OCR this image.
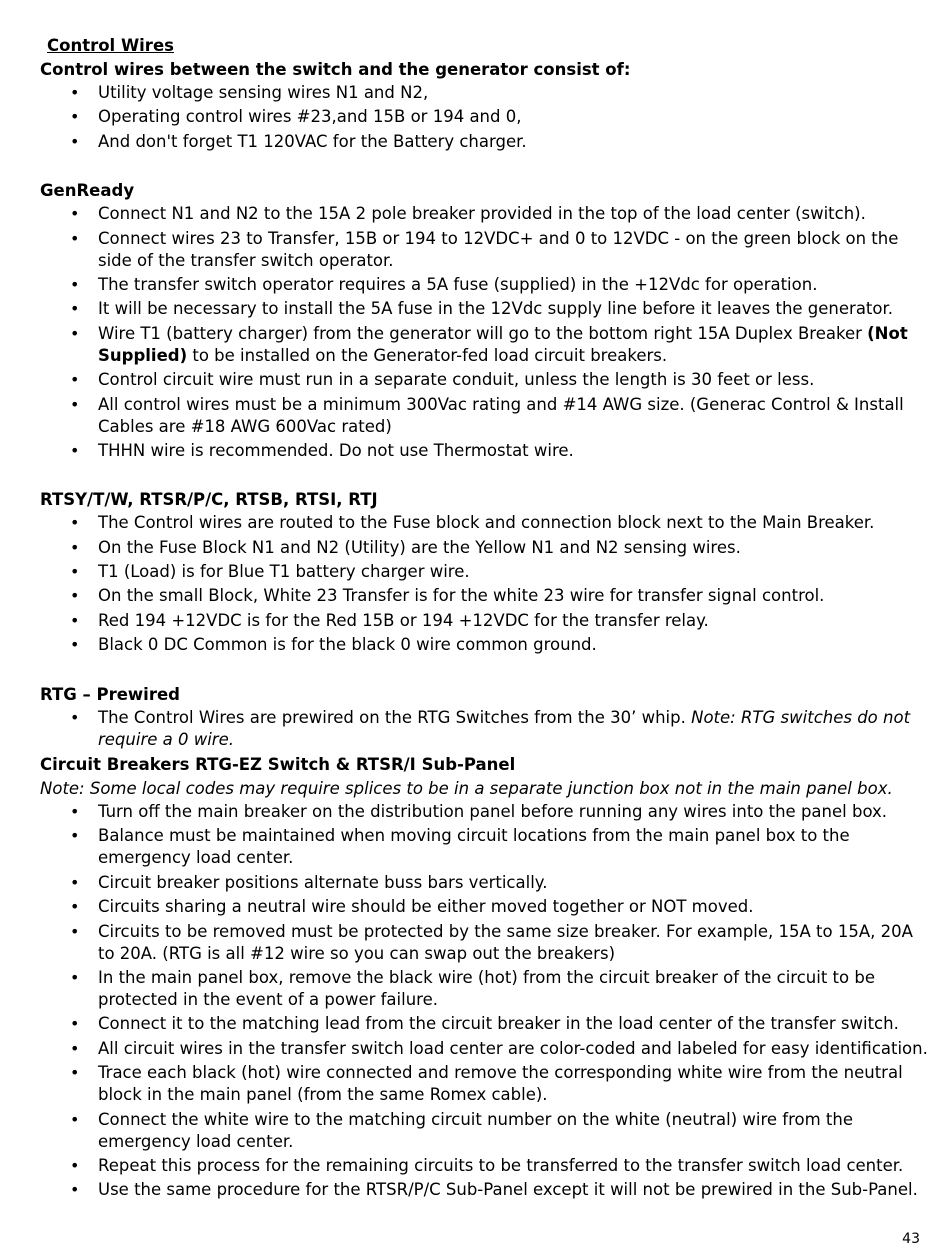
Control Wires
Control wires between the switch and the generator consist of:
• Utility voltage sensing wires N1 and N2,
• Operating control wires #23,and 15B or 194 and 0,
• And don't forget T1 120VAC for the Battery charger.
GenReady
• Connect N1 and N2 to the 15A 2 pole breaker provided in the top of the load center (switch).
• Connect wires 23 to Transfer, 15B or 194 to 12VDC+ and 0 to 12VDC - on the green block on the side of the transfer switch operator.
• The transfer switch operator requires a 5A fuse (supplied) in the +12Vdc for operation.
• It will be necessary to install the 5A fuse in the 12Vdc supply line before it leaves the generator.
• Wire T1 (battery charger) from the generator will go to the bottom right 15A Duplex Breaker (Not Supplied) to be installed on the Generator-fed load circuit breakers.
• Control circuit wire must run in a separate conduit, unless the length is 30 feet or less.
• All control wires must be a minimum 300Vac rating and #14 AWG size. (Generac Control & Install Cables are #18 AWG 600Vac rated)
• THHN wire is recommended. Do not use Thermostat wire.
RTSY/T/W, RTSR/P/C, RTSB, RTSI, RTJ
• The Control wires are routed to the Fuse block and connection block next to the Main Breaker.
• On the Fuse Block N1 and N2 (Utility) are the Yellow N1 and N2 sensing wires.
• T1 (Load) is for Blue T1 battery charger wire.
• On the small Block, White 23 Transfer is for the white 23 wire for transfer signal control.
• Red 194 +12VDC is for the Red 15B or 194 +12VDC for the transfer relay.
• Black 0 DC Common is for the black 0 wire common ground.
RTG – Prewired
• The Control Wires are prewired on the RTG Switches from the 30’ whip. Note: RTG switches do not require a 0 wire.
Circuit Breakers RTG-EZ Switch & RTSR/I Sub-Panel
Note: Some local codes may require splices to be in a separate junction box not in the main panel box.
• Turn off the main breaker on the distribution panel before running any wires into the panel box.
• Balance must be maintained when moving circuit locations from the main panel box to the emergency load center.
• Circuit breaker positions alternate buss bars vertically.
• Circuits sharing a neutral wire should be either moved together or NOT moved.
• Circuits to be removed must be protected by the same size breaker. For example, 15A to 15A, 20A to 20A. (RTG is all #12 wire so you can swap out the breakers)
• In the main panel box, remove the black wire (hot) from the circuit breaker of the circuit to be protected in the event of a power failure.
• Connect it to the matching lead from the circuit breaker in the load center of the transfer switch.
• All circuit wires in the transfer switch load center are color-coded and labeled for easy identification.
• Trace each black (hot) wire connected and remove the corresponding white wire from the neutral block in the main panel (from the same Romex cable).
• Connect the white wire to the matching circuit number on the white (neutral) wire from the emergency load center.
• Repeat this process for the remaining circuits to be transferred to the transfer switch load center.
• Use the same procedure for the RTSR/P/C Sub-Panel except it will not be prewired in the Sub-Panel.
43
